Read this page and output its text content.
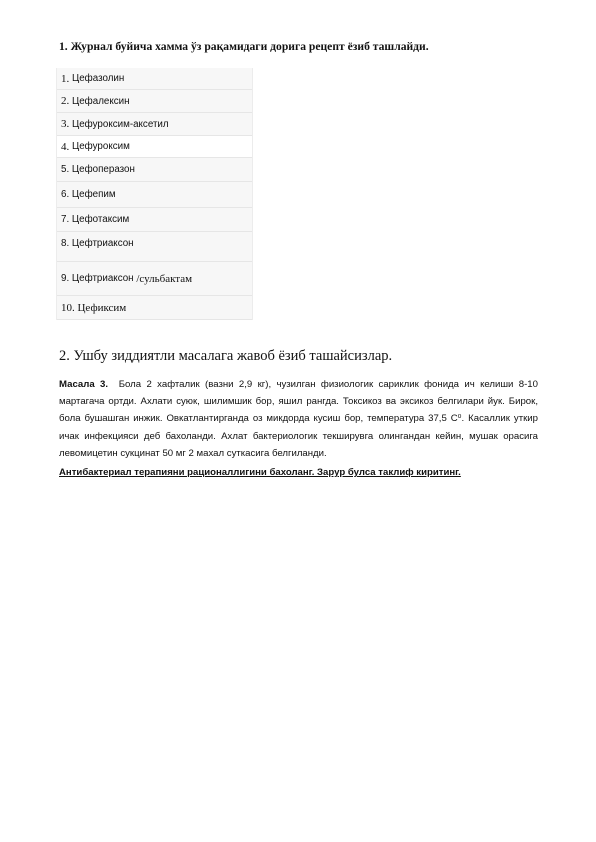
1. Журнал буйича хамма ўз рақамидаги дорига рецепт ёзиб ташлайди.
1.
Цефазолин
2.
Цефалексин
3.
Цефуроксим-аксетил
4.
Цефуроксим
5.
Цефоперазон
6.
Цефепим
7.
Цефотаксим
8.
Цефтриаксон
9.
Цефтриаксон
/сульбактам
10.
Цефиксим
2. Ушбу зиддиятли масалага жавоб ёзиб ташайсизлар.
Масала 3. Бола 2 хафталик (вазни 2,9 кг), чузилган физиологик сариклик фонида ич келиши 8-10 мартагача ортди. Ахлати суюк, шилимшик бор, яшил рангда. Токсикоз ва эксикоз белгилари йук. Бирок, бола бушашган инжик. Овкатлантирганда оз микдорда кусиш бор, температура 37,5 С⁰. Касаллик уткир ичак инфекцияси деб бахоланди. Ахлат бактериологик текширувга олингандан кейин, мушак орасига левомицетин сукцинат 50 мг 2 махал суткасига белгиланди.
Антибактериал терапияни рационаллигини бахоланг. Зарур булса таклиф киритинг.
